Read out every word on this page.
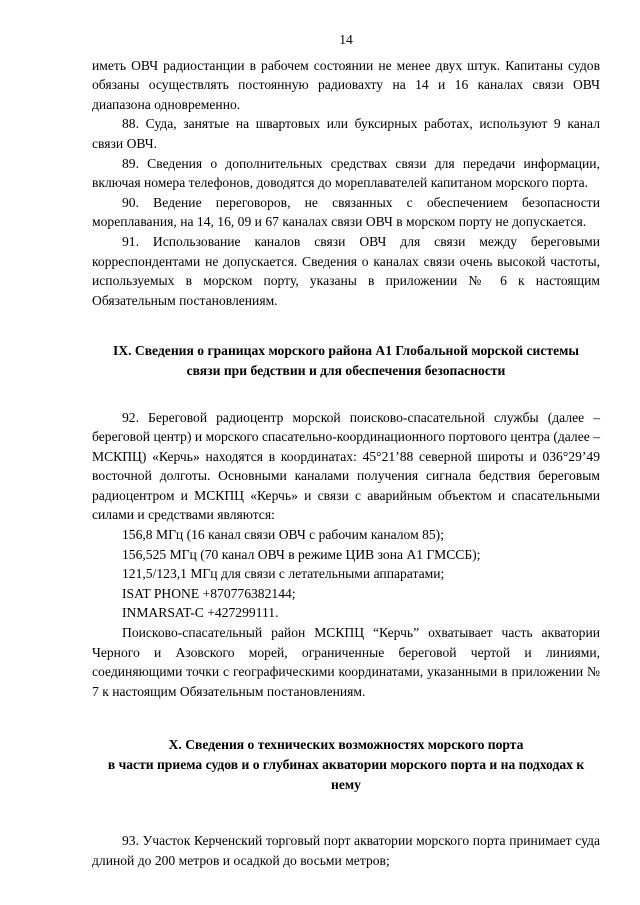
14

иметь ОВЧ радиостанции в рабочем состоянии не менее двух штук. Капитаны судов обязаны осуществлять постоянную радиовахту на 14 и 16 каналах связи ОВЧ диапазона одновременно.

88. Суда, занятые на швартовых или буксирных работах, используют 9 канал связи ОВЧ.

89. Сведения о дополнительных средствах связи для передачи информации, включая номера телефонов, доводятся до мореплавателей капитаном морского порта.

90. Ведение переговоров, не связанных с обеспечением безопасности мореплавания, на 14, 16, 09 и 67 каналах связи ОВЧ в морском порту не допускается.

91. Использование каналов связи ОВЧ для связи между береговыми корреспондентами не допускается. Сведения о каналах связи очень высокой частоты, используемых в морском порту, указаны в приложении № 6 к настоящим Обязательным постановлениям.

IX. Сведения о границах морского района А1 Глобальной морской системы
связи при бедствии и для обеспечения безопасности

92. Береговой радиоцентр морской поисково-спасательной службы (далее – береговой центр) и морского спасательно-координационного портового центра (далее – МСКПЦ) «Керчь» находятся в координатах: 45°21’88 северной широты и 036°29’49 восточной долготы. Основными каналами получения сигнала бедствия береговым радиоцентром и МСКПЦ «Керчь» и связи с аварийным объектом и спасательными силами и средствами являются:

156,8 МГц (16 канал связи ОВЧ с рабочим каналом 85);

156,525 МГц (70 канал ОВЧ в режиме ЦИВ зона А1 ГМССБ);

121,5/123,1 МГц для связи с летательными аппаратами;

ISAT PHONE +870776382144;

INMARSAT-C +427299111.

Поисково-спасательный район МСКПЦ “Керчь” охватывает часть акватории Черного и Азовского морей, ограниченные береговой чертой и линиями, соединяющими точки с географическими координатами, указанными в приложении № 7 к настоящим Обязательным постановлениям.

X. Сведения о технических возможностях морского порта
в части приема судов и о глубинах акватории морского порта и на подходах к
нему

93. Участок Керченский торговый порт акватории морского порта принимает суда длиной до 200 метров и осадкой до восьми метров;
